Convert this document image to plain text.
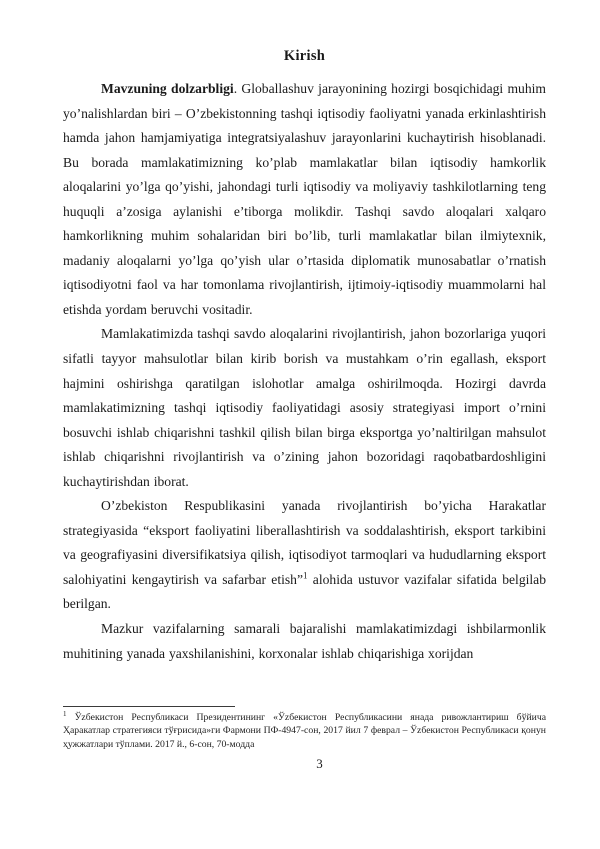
Kirish

Mavzuning dolzarbligi. Globallashuv jarayonining hozirgi bosqichidagi muhim yo’nalishlardan biri – O’zbekistonning tashqi iqtisodiy faoliyatni yanada erkinlashtirish hamda jahon hamjamiyatiga integratsiyalashuv jarayonlarini kuchaytirish hisoblanadi. Bu borada mamlakatimizning ko’plab mamlakatlar bilan iqtisodiy hamkorlik aloqalarini yo’lga qo’yishi, jahondagi turli iqtisodiy va moliyaviy tashkilotlarning teng huquqli a’zosiga aylanishi e’tiborga molikdir. Tashqi savdo aloqalari xalqaro hamkorlikning muhim sohalaridan biri bo’lib, turli mamlakatlar bilan ilmiytexnik, madaniy aloqalarni yo’lga qo’yish ular o’rtasida diplomatik munosabatlar o’rnatish iqtisodiyotni faol va har tomonlama rivojlantirish, ijtimoiy-iqtisodiy muammolarni hal etishda yordam beruvchi vositadir.

Mamlakatimizda tashqi savdo aloqalarini rivojlantirish, jahon bozorlariga yuqori sifatli tayyor mahsulotlar bilan kirib borish va mustahkam o’rin egallash, eksport hajmini oshirishga qaratilgan islohotlar amalga oshirilmoqda. Hozirgi davrda mamlakatimizning tashqi iqtisodiy faoliyatidagi asosiy strategiyasi import o’rnini bosuvchi ishlab chiqarishni tashkil qilish bilan birga eksportga yo’naltirilgan mahsulot ishlab chiqarishni rivojlantirish va o’zining jahon bozoridagi raqobatbardoshligini kuchaytirishdan iborat.

O’zbekiston Respublikasini yanada rivojlantirish bo’yicha Harakatlar strategiyasida “eksport faoliyatini liberallashtirish va soddalashtirish, eksport tarkibini va geografiyasini diversifikatsiya qilish, iqtisodiyot tarmoqlari va hududlarning eksport salohiyatini kengaytirish va safarbar etish”$^1$ alohida ustuvor vazifalar sifatida belgilab berilgan.

Mazkur vazifalarning samarali bajaralishi mamlakatimizdagi ishbilarmonlik muhitining yanada yaxshilanishini, korxonalar ishlab chiqarishiga xorijdan

$^1$ Ўzбeкистон Республикаси Президентининг «Ўzбeкистон Республикасини янада ривожлантириш бўйича Ҳаракатлар стратегияси тўғрисида»ги Фармони ПФ-4947-сон, 2017 йил 7 феврал – Ўzбeкистон Республикаси қонун ҳужжатлари тўплами. 2017 й., 6-сон, 70-модда

3
